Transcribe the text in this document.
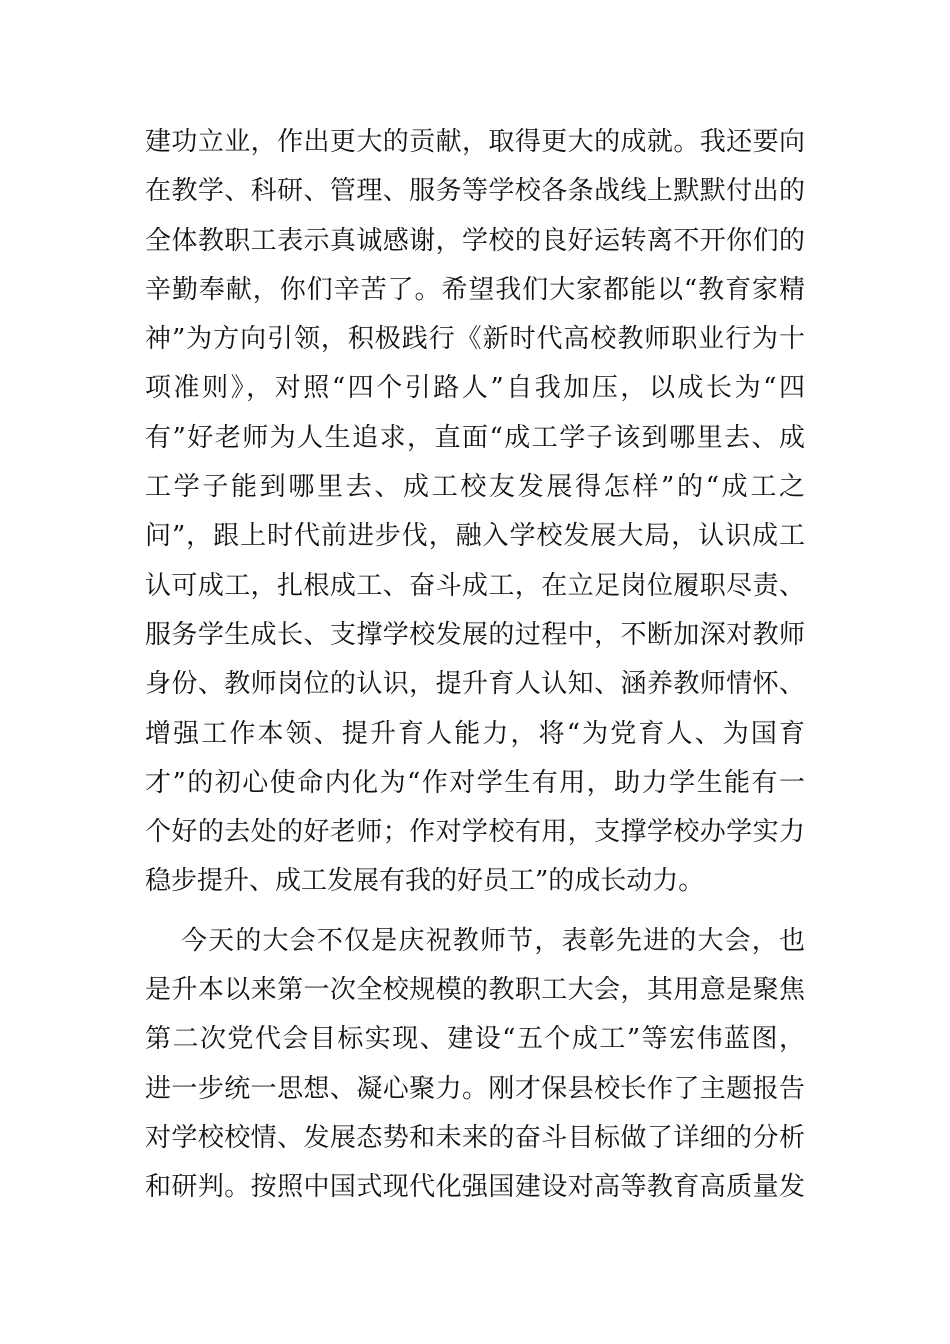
建功立业，作出更大的贡献，取得更大的成就。我还要向
在教学、科研、管理、服务等学校各条战线上默默付出的
全体教职工表示真诚感谢，学校的良好运转离不开你们的
辛勤奉献，你们辛苦了。希望我们大家都能以“教育家精
神”为方向引领，积极践行《新时代高校教师职业行为十
项准则》，对照“四个引路人”自我加压，以成长为“四
有”好老师为人生追求，直面“成工学子该到哪里去、成
工学子能到哪里去、成工校友发展得怎样”的“成工之
问”，跟上时代前进步伐，融入学校发展大局，认识成工
认可成工，扎根成工、奋斗成工，在立足岗位履职尽责、
服务学生成长、支撑学校发展的过程中，不断加深对教师
身份、教师岗位的认识，提升育人认知、涵养教师情怀、
增强工作本领、提升育人能力，将“为党育人、为国育
才”的初心使命内化为“作对学生有用，助力学生能有一
个好的去处的好老师；作对学校有用，支撑学校办学实力
稳步提升、成工发展有我的好员工”的成长动力。
今天的大会不仅是庆祝教师节，表彰先进的大会，也
是升本以来第一次全校规模的教职工大会，其用意是聚焦
第二次党代会目标实现、建设“五个成工”等宏伟蓝图，
进一步统一思想、凝心聚力。刚才保县校长作了主题报告
对学校校情、发展态势和未来的奋斗目标做了详细的分析
和研判。按照中国式现代化强国建设对高等教育高质量发
